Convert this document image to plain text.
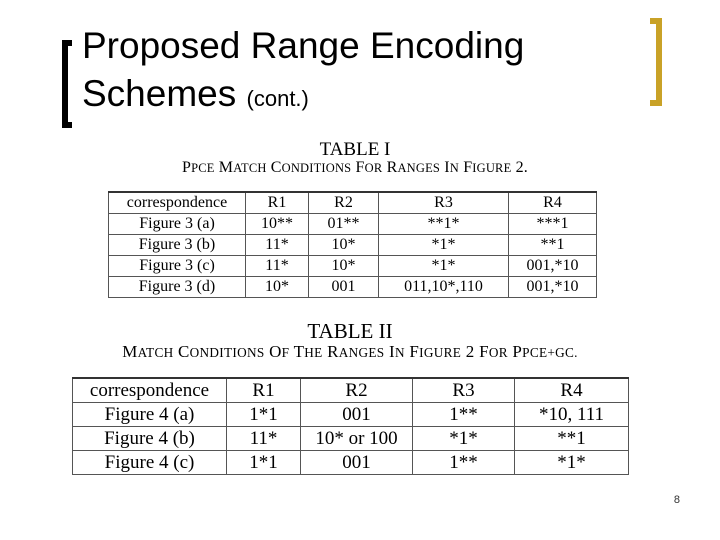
Proposed Range Encoding
Schemes (cont.)
TABLE I
PPCE MATCH CONDITIONS FOR RANGES IN FIGURE 2.
correspondence	R1	R2	R3	R4
Figure 3 (a)	10**	01**	**1*	***1
Figure 3 (b)	11*	10*	*1*	**1
Figure 3 (c)	11*	10*	*1*	001,*10
Figure 3 (d)	10*	001	011,10*,110	001,*10
TABLE II
MATCH CONDITIONS OF THE RANGES IN FIGURE 2 FOR PPCE+GC.
correspondence	R1	R2	R3	R4
Figure 4 (a)	1*1	001	1**	*10, 111
Figure 4 (b)	11*	10* or 100	*1*	**1
Figure 4 (c)	1*1	001	1**	*1*
8
